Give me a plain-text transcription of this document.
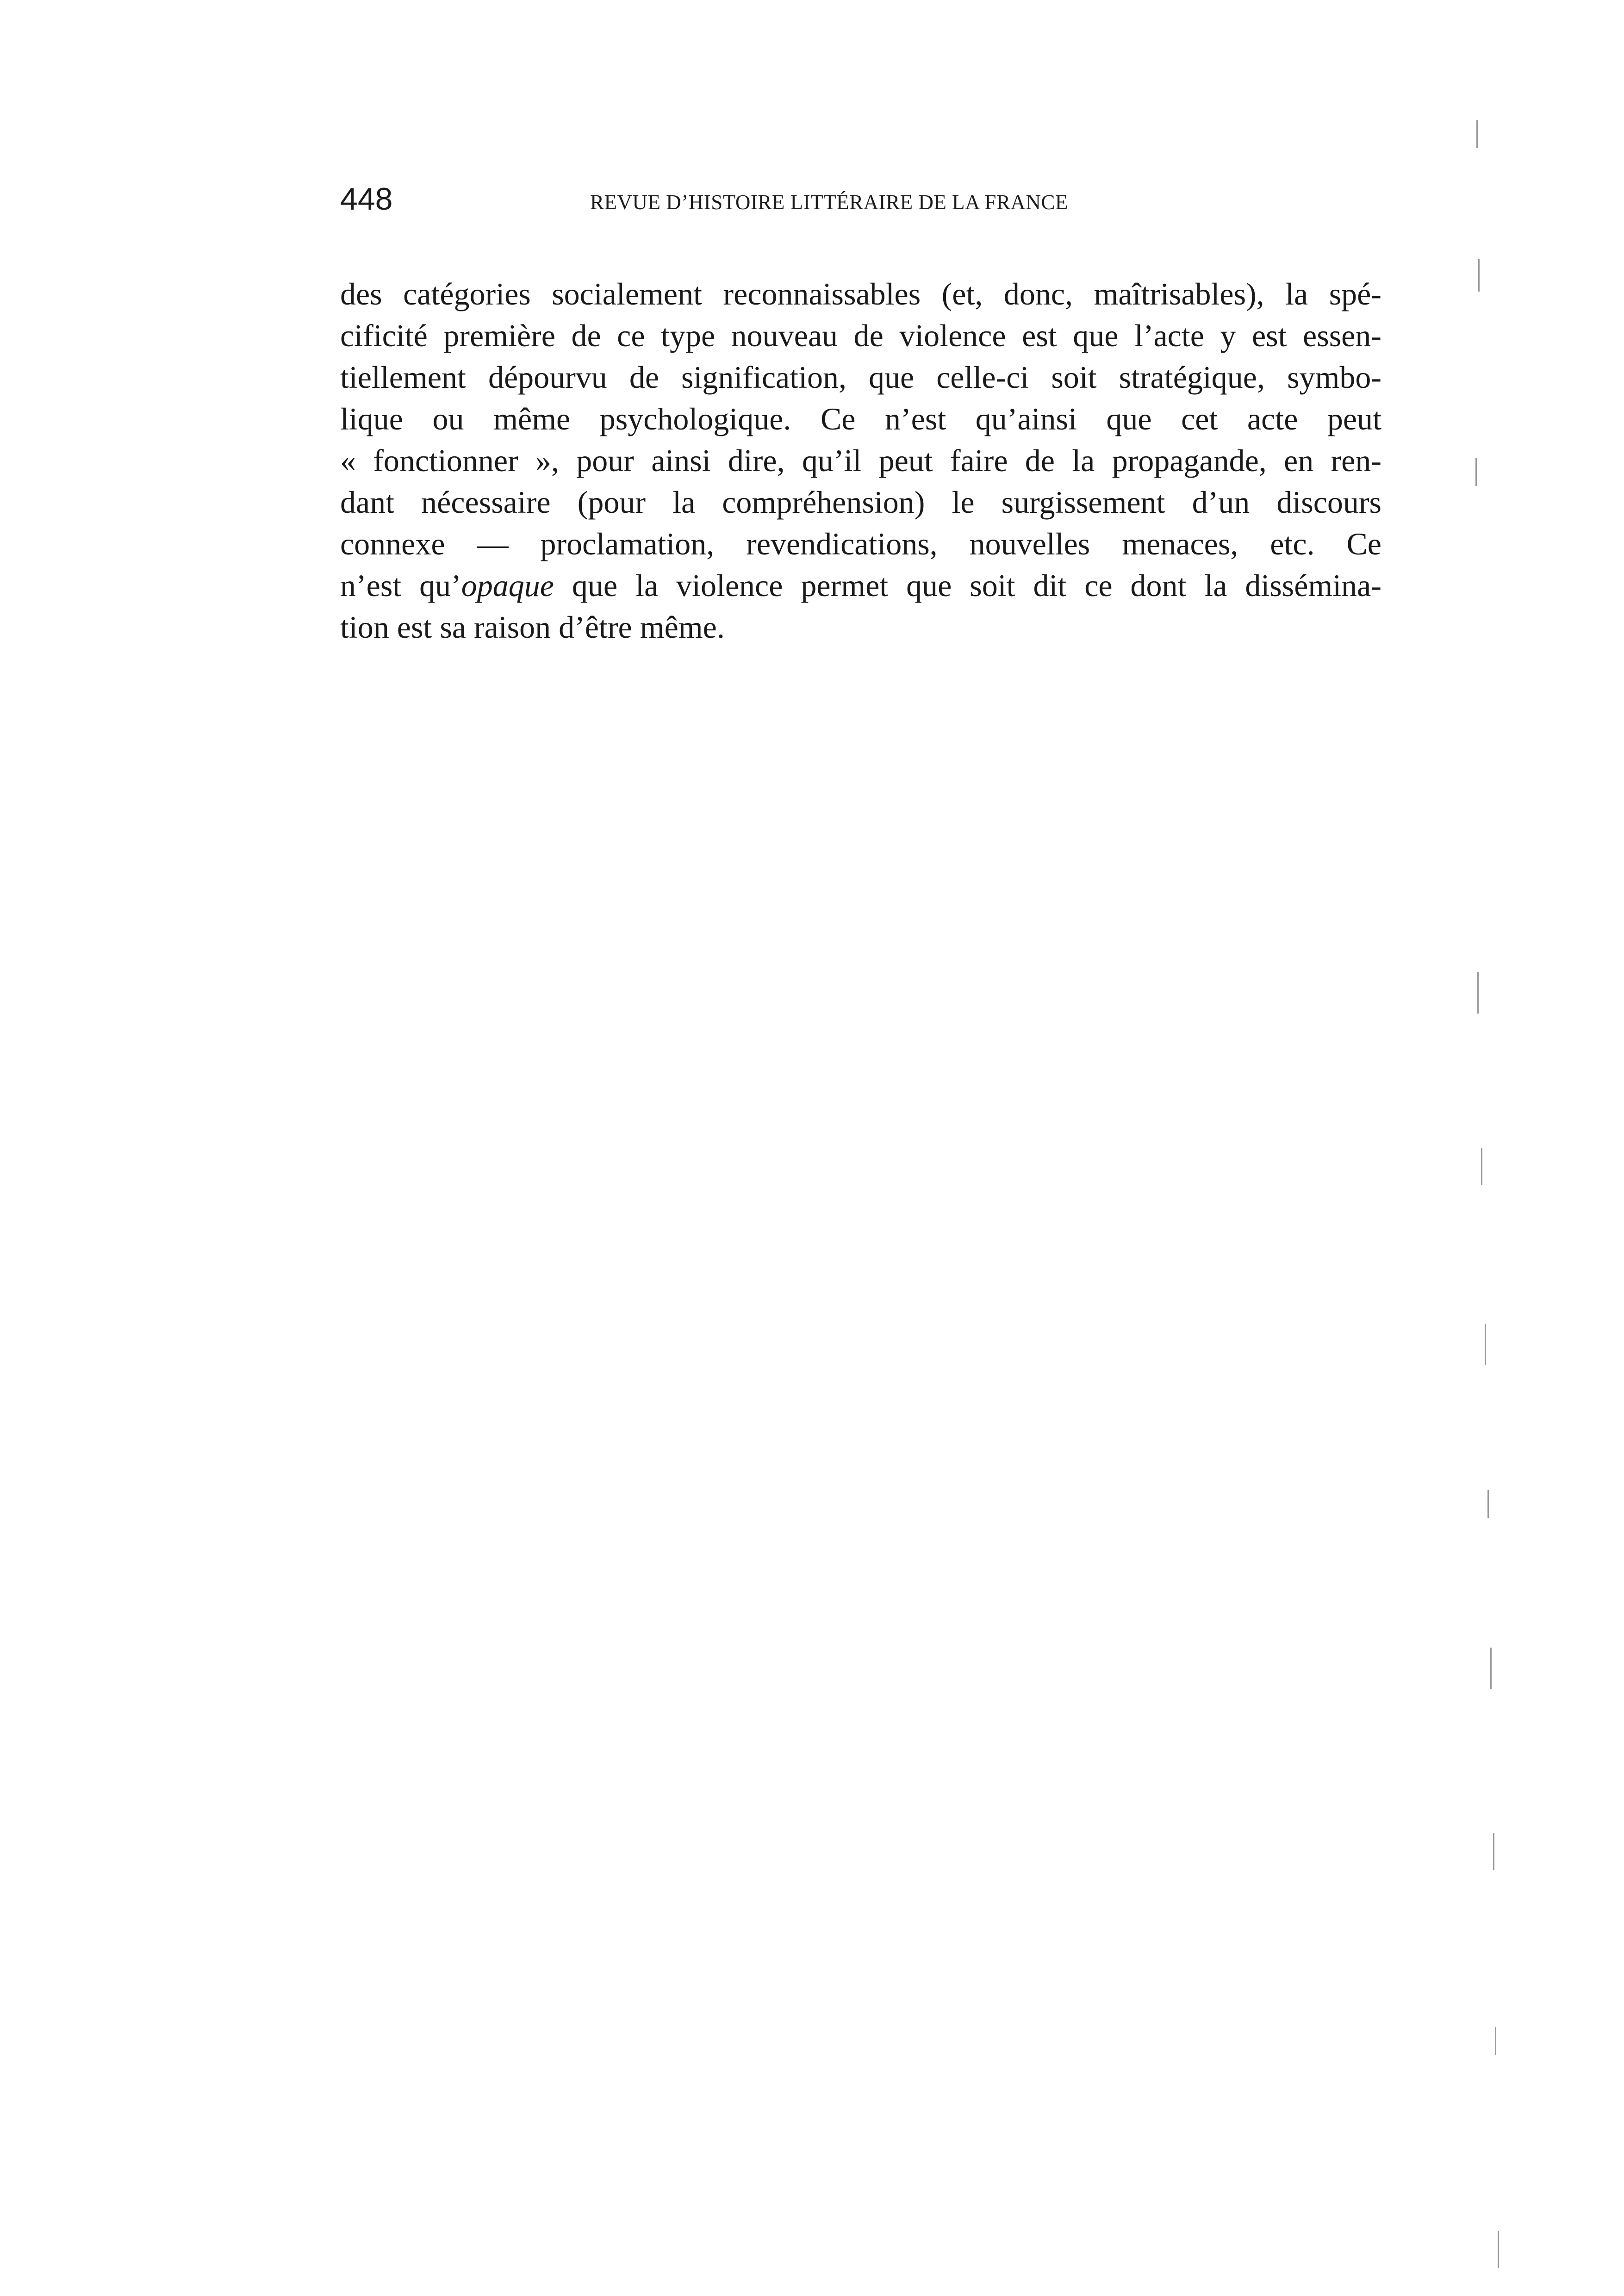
448	REVUE D’HISTOIRE LITTÉRAIRE DE LA FRANCE
des catégories socialement reconnaissables (et, donc, maîtrisables), la spé-
cificité première de ce type nouveau de violence est que l’acte y est essen-
tiellement dépourvu de signification, que celle-ci soit stratégique, symbo-
lique ou même psychologique. Ce n’est qu’ainsi que cet acte peut
« fonctionner », pour ainsi dire, qu’il peut faire de la propagande, en ren-
dant nécessaire (pour la compréhension) le surgissement d’un discours
connexe — proclamation, revendications, nouvelles menaces, etc. Ce
n’est qu’opaque que la violence permet que soit dit ce dont la dissémina-
tion est sa raison d’être même.
